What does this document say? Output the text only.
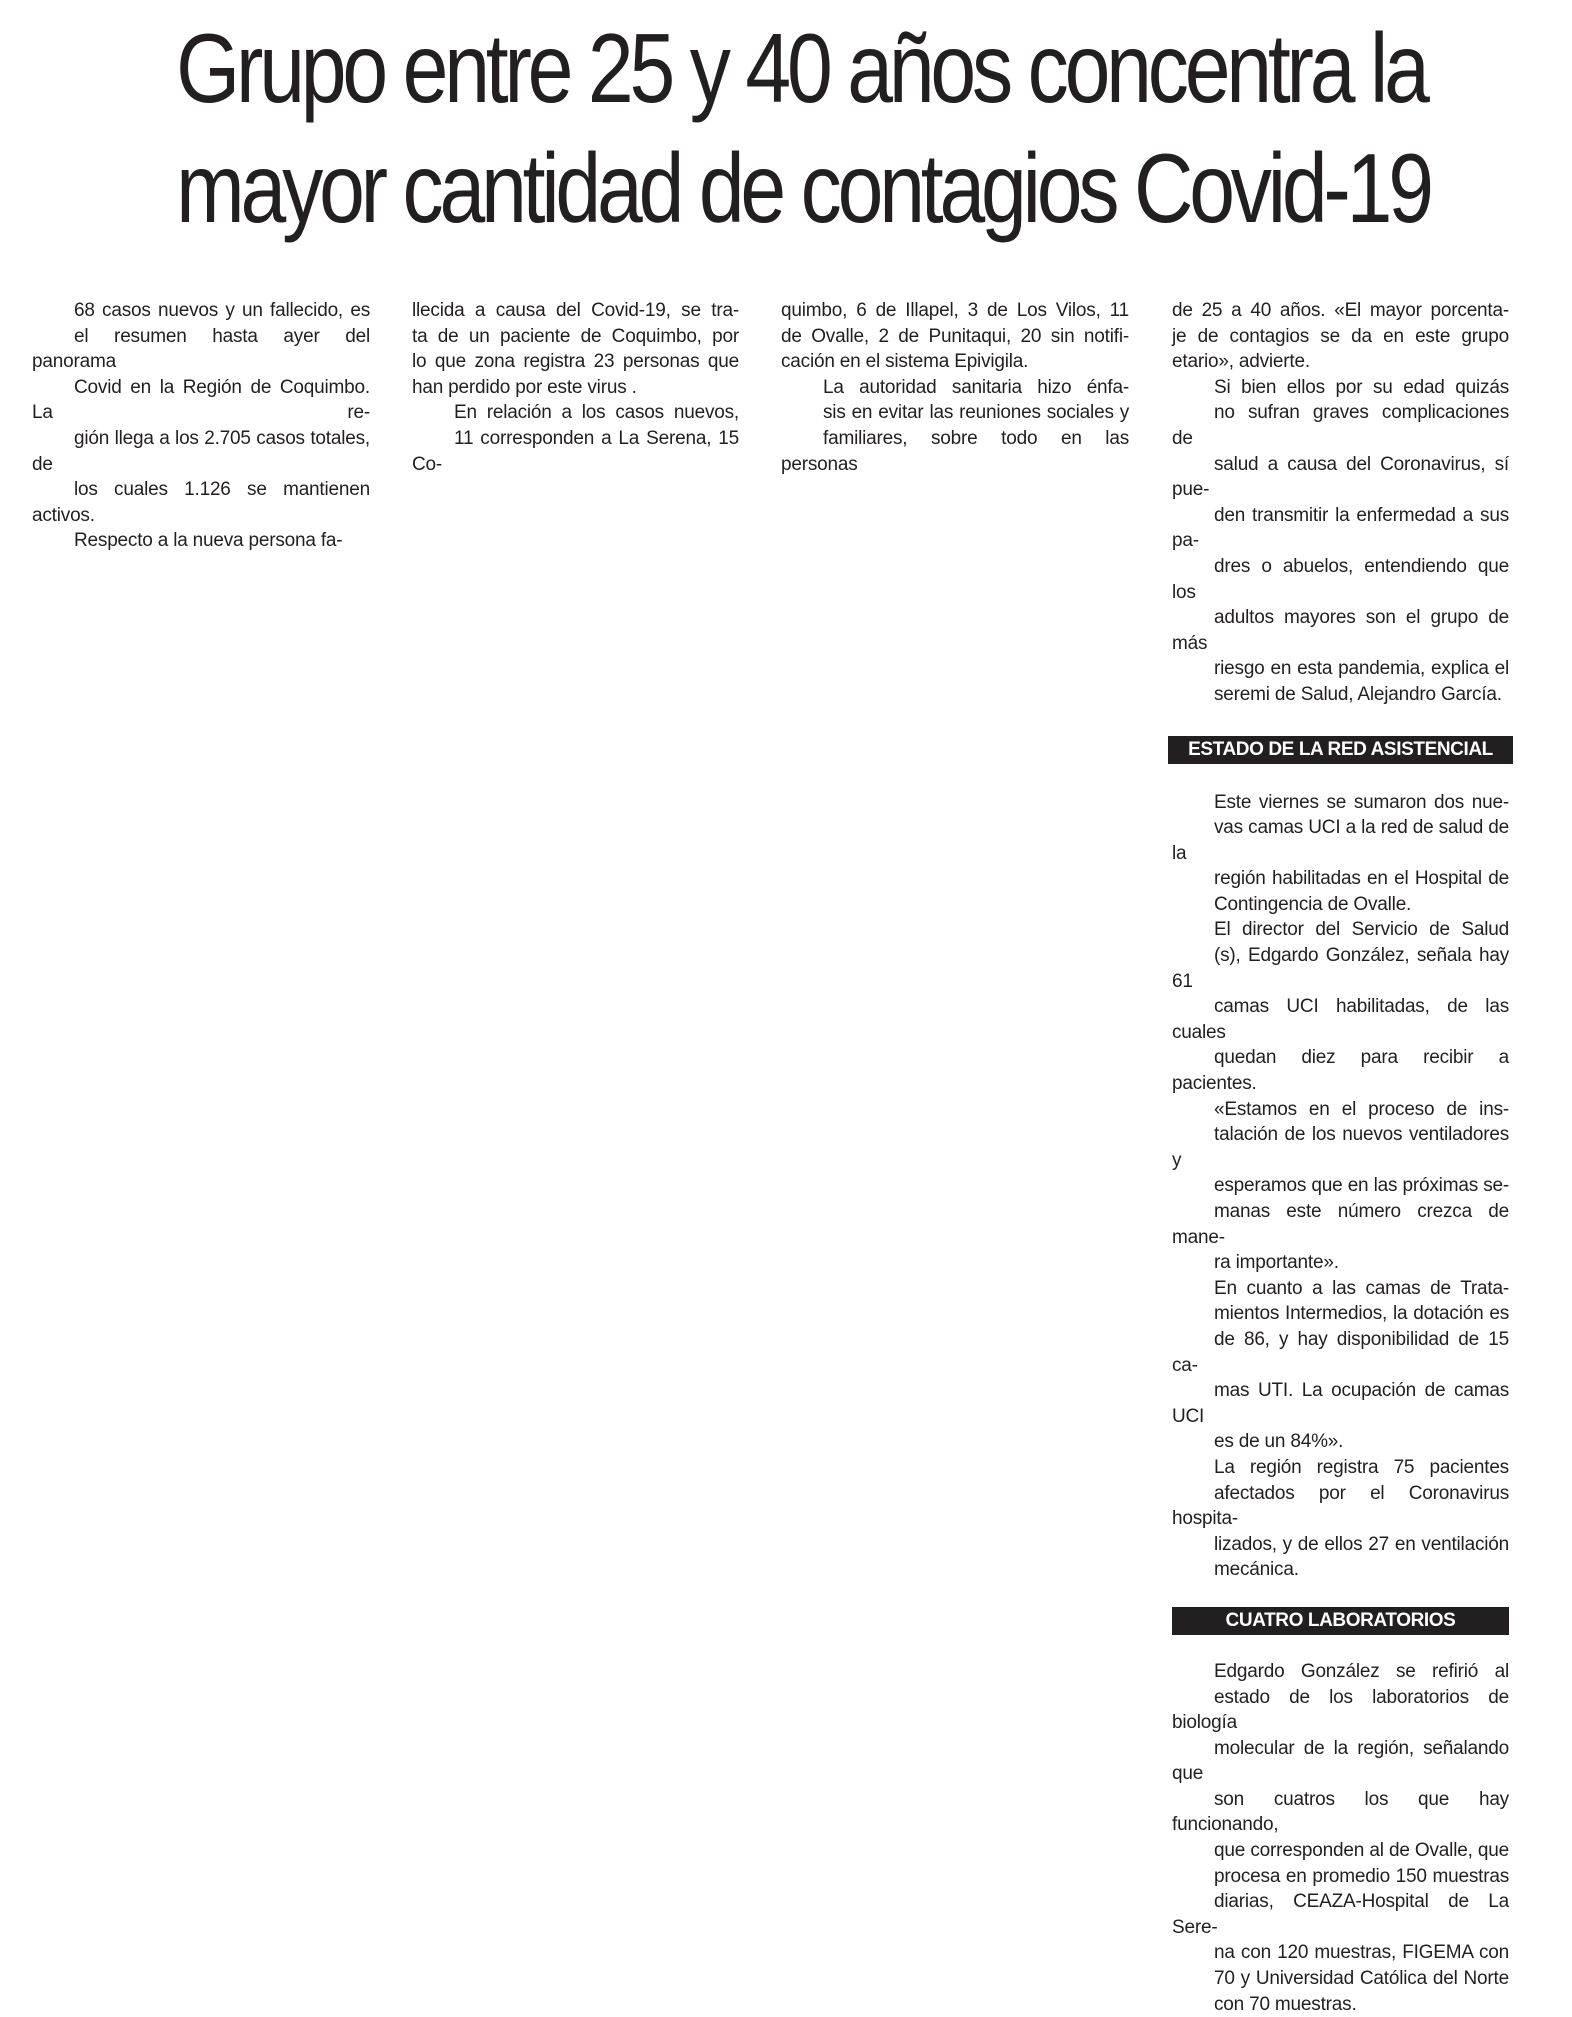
Grupo entre 25 y 40 años concentra la
mayor cantidad de contagios Covid-19

68 casos nuevos y un fallecido, es
el resumen hasta ayer del panorama
Covid en la Región de Coquimbo. La re-
gión llega a los 2.705 casos totales, de
los cuales 1.126 se mantienen activos.

Respecto a la nueva persona fa-

llecida a causa del Covid-19, se tra-
ta de un paciente de Coquimbo, por
lo que zona registra 23 personas que
han perdido por este virus .

En relación a los casos nuevos,
11 corresponden a La Serena, 15 Co-

quimbo, 6 de Illapel, 3 de Los Vilos, 11
de Ovalle, 2 de Punitaqui, 20 sin notifi-
cación en el sistema Epivigila.

La autoridad sanitaria hizo énfa-
sis en evitar las reuniones sociales y
familiares, sobre todo en las personas

de 25 a 40 años. «El mayor porcenta-
je de contagios se da en este grupo
etario», advierte.

Si bien ellos por su edad quizás
no sufran graves complicaciones de
salud a causa del Coronavirus, sí pue-
den transmitir la enfermedad a sus pa-
dres o abuelos, entendiendo que los
adultos mayores son el grupo de más
riesgo en esta pandemia, explica el
seremi de Salud, Alejandro García.

ESTADO DE LA RED ASISTENCIAL

Este viernes se sumaron dos nue-
vas camas UCI a la red de salud de la
región habilitadas en el Hospital de
Contingencia de Ovalle.

El director del Servicio de Salud
(s), Edgardo González, señala hay 61
camas UCI habilitadas, de las cuales
quedan diez para recibir a pacientes.

«Estamos en el proceso de ins-
talación de los nuevos ventiladores y
esperamos que en las próximas se-
manas este número crezca de mane-
ra importante».

En cuanto a las camas de Trata-
mientos Intermedios, la dotación es
de 86, y hay disponibilidad de 15 ca-
mas UTI. La ocupación de camas UCI
es de un 84%».

La región registra 75 pacientes
afectados por el Coronavirus hospita-
lizados, y de ellos 27 en ventilación
mecánica.

CUATRO LABORATORIOS

Edgardo González se refirió al
estado de los laboratorios de biología
molecular de la región, señalando que
son cuatros los que hay funcionando,
que corresponden al de Ovalle, que
procesa en promedio 150 muestras
diarias, CEAZA-Hospital de La Sere-
na con 120 muestras, FIGEMA con
70 y Universidad Católica del Norte
con 70 muestras.
